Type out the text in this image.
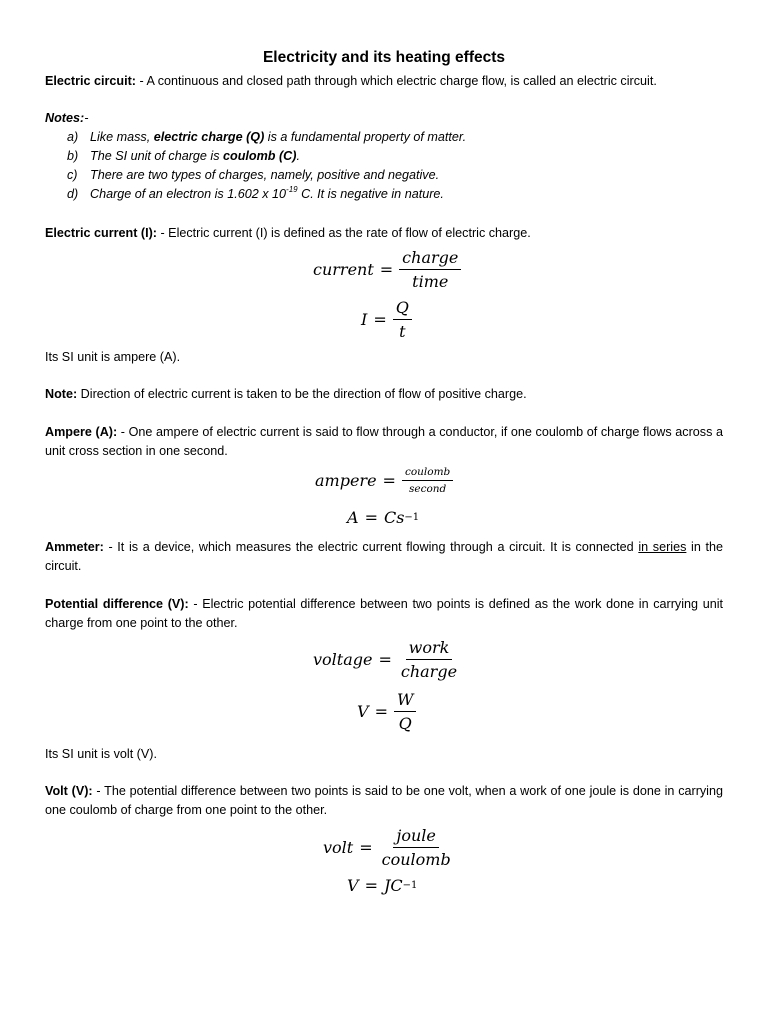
Electricity and its heating effects
Electric circuit: - A continuous and closed path through which electric charge flow, is called an electric circuit.
Notes:-
a) Like mass, electric charge (Q) is a fundamental property of matter.
b) The SI unit of charge is coulomb (C).
c) There are two types of charges, namely, positive and negative.
d) Charge of an electron is 1.602 x $10^{-19}$ C. It is negative in nature.
Electric current (I): - Electric current (I) is defined as the rate of flow of electric charge.
current = $\frac{\text{charge}}{\text{time}}$
$I = \frac{Q}{t}$
Its SI unit is ampere (A).
Note: Direction of electric current is taken to be the direction of flow of positive charge.
Ampere (A): - One ampere of electric current is said to flow through a conductor, if one coulomb of charge flows across a unit cross section in one second.
ampere = $\frac{\text{coulomb}}{\text{second}}$
A = Cs −1
Ammeter: - It is a device, which measures the electric current flowing through a circuit. It is connected in series in the circuit.
Potential difference (V): - Electric potential difference between two points is defined as the work done in carrying unit charge from one point to the other.
voltage = $\frac{\text{work}}{\text{charge}}$
$V = \frac{W}{Q}$
Its SI unit is volt (V).
Volt (V): - The potential difference between two points is said to be one volt, when a work of one joule is done in carrying one coulomb of charge from one point to the other.
volt = $\frac{\text{joule}}{\text{coulomb}}$
V = JC −1
